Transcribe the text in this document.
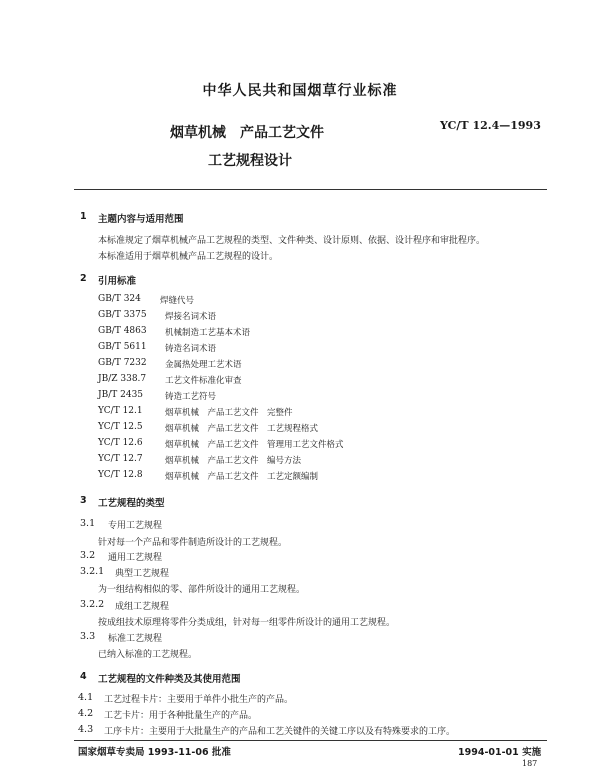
中华人民共和国烟草行业标准
YC/T 12.4—1993
烟草机械　产品工艺文件
工艺规程设计
1 主题内容与适用范围
本标准规定了烟草机械产品工艺规程的类型、文件种类、设计原则、依据、设计程序和审批程序。
本标准适用于烟草机械产品工艺规程的设计。
2 引用标准
GB/T 324 焊缝代号
GB/T 3375 焊接名词术语
GB/T 4863 机械制造工艺基本术语
GB/T 5611 铸造名词术语
GB/T 7232 金属热处理工艺术语
JB/Z 338.7 工艺文件标准化审查
JB/T 2435	铸造工艺符号
YC/T 12.1	烟草机械　产品工艺文件　完整件
YC/T 12.5	烟草机械　产品工艺文件　工艺规程格式
YC/T 12.6	烟草机械　产品工艺文件　管理用工艺文件格式
YC/T 12.7	烟草机械　产品工艺文件　编号方法
YC/T 12.8	烟草机械　产品工艺文件　工艺定额编制
3 工艺规程的类型
3.1 专用工艺规程
针对每一个产品和零件制造所设计的工艺规程。
3.2 通用工艺规程
3.2.1 典型工艺规程
为一组结构相似的零、部件所设计的通用工艺规程。
3.2.2 成组工艺规程
按成组技术原理将零件分类成组，针对每一组零件所设计的通用工艺规程。
3.3 标准工艺规程
已纳入标准的工艺规程。
4 工艺规程的文件种类及其使用范围
4.1 工艺过程卡片：主要用于单件小批生产的产品。
4.2 工艺卡片：用于各种批量生产的产品。
4.3 工序卡片：主要用于大批量生产的产品和工艺关键件的关键工序以及有特殊要求的工序。
国家烟草专卖局 1993-11-06 批准	1994-01-01 实施
187
